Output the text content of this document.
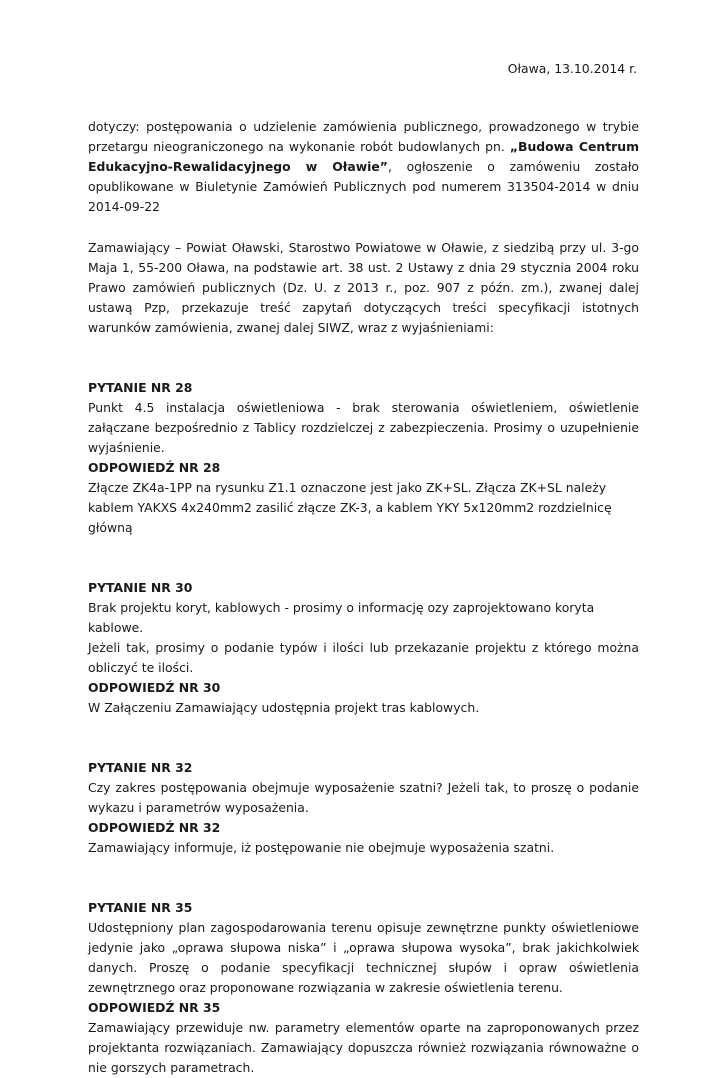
Oława, 13.10.2014 r.

dotyczy: postępowania o udzielenie zamówienia publicznego, prowadzonego w trybie przetargu nieograniczonego na wykonanie robót budowlanych pn. „Budowa Centrum Edukacyjno-Rewalidacyjnego w Oławie”, ogłoszenie o zamóweniu zostało opublikowane w Biuletynie Zamówień Publicznych pod numerem 313504-2014 w dniu 2014-09-22

Zamawiający – Powiat Oławski, Starostwo Powiatowe w Oławie, z siedzibą przy ul. 3-go Maja 1, 55-200 Oława, na podstawie art. 38 ust. 2 Ustawy z dnia 29 stycznia 2004 roku Prawo zamówień publicznych (Dz. U. z 2013 r., poz. 907 z późn. zm.), zwanej dalej ustawą Pzp, przekazuje treść zapytań dotyczących treści specyfikacji istotnych warunków zamówienia, zwanej dalej SIWZ, wraz z wyjaśnieniami:

PYTANIE NR 28

Punkt 4.5 instalacja oświetleniowa - brak sterowania oświetleniem, oświetlenie załączane bezpośrednio z Tablicy rozdzielczej z zabezpieczenia. Prosimy o uzupełnienie wyjaśnienie.

ODPOWIEDŹ NR 28

Złącze ZK4a-1PP na rysunku Z1.1 oznaczone jest jako ZK+SL. Złącza ZK+SL należy kablem YAKXS 4x240mm2 zasilić złącze ZK-3, a kablem YKY 5x120mm2 rozdzielnicę główną

PYTANIE NR 30

Brak projektu koryt, kablowych - prosimy o informację ozy zaprojektowano koryta kablowe.

Jeżeli tak, prosimy o podanie typów i ilości lub przekazanie projektu z którego można obliczyć te ilości.

ODPOWIEDŹ NR 30

W Załączeniu Zamawiający udostępnia projekt tras kablowych.

PYTANIE NR 32

Czy zakres postępowania obejmuje wyposażenie szatni? Jeżeli tak, to proszę o podanie wykazu i parametrów wyposażenia.

ODPOWIEDŹ NR 32

Zamawiający informuje, iż postępowanie nie obejmuje wyposażenia szatni.

PYTANIE NR 35

Udostępniony plan zagospodarowania terenu opisuje zewnętrzne punkty oświetleniowe jedynie jako „oprawa słupowa niska” i „oprawa słupowa wysoka”, brak jakichkolwiek danych. Proszę o podanie specyfikacji technicznej słupów i opraw oświetlenia zewnętrznego oraz proponowane rozwiązania w zakresie oświetlenia terenu.

ODPOWIEDŹ NR 35

Zamawiający przewiduje nw. parametry elementów oparte na zaproponowanych przez projektanta rozwiązaniach. Zamawiający dopuszcza również rozwiązania równoważne o nie gorszych parametrach.
